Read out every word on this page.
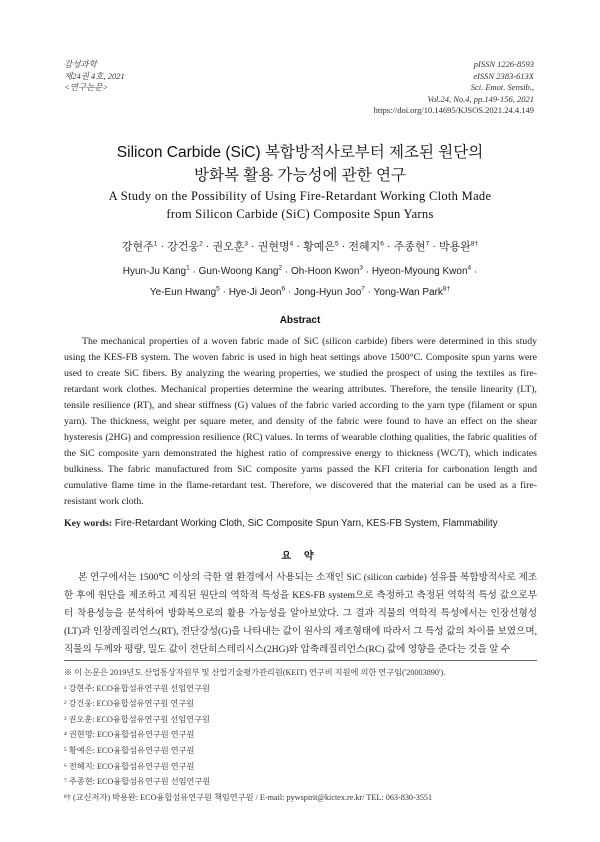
감성과학
제24권 4호, 2021
<연구논문>
pISSN 1226-8593
eISSN 2383-613X
Sci. Emot. Sensib.,
Vol.24, No.4, pp.149-156, 2021
https://doi.org/10.14695/KJSOS.2021.24.4.149
Silicon Carbide (SiC) 복합방적사로부터 제조된 원단의
방화복 활용 가능성에 관한 연구
A Study on the Possibility of Using Fire-Retardant Working Cloth Made
from Silicon Carbide (SiC) Composite Spun Yarns
강현주$^1$ · 강건웅$^2$ · 권오훈$^3$ · 권현명$^4$ · 황예은$^5$ · 전혜지$^6$ · 주종현$^7$ · 박용완$^{8\dagger}$
Hyun-Ju Kang$^1$ · Gun-Woong Kang$^2$ · Oh-Hoon Kwon$^3$ · Hyeon-Myoung Kwon$^4$ ·
Ye-Eun Hwang$^5$ · Hye-Ji Jeon$^6$ · Jong-Hyun Joo$^7$ · Yong-Wan Park$^{8\dagger}$
Abstract
The mechanical properties of a woven fabric made of SiC (silicon carbide) fibers were determined in this study using the KES-FB system. The woven fabric is used in high heat settings above 1500°C. Composite spun yarns were used to create SiC fibers. By analyzing the wearing properties, we studied the prospect of using the textiles as fire-retardant work clothes. Mechanical properties determine the wearing attributes. Therefore, the tensile linearity (LT), tensile resilience (RT), and shear stiffness (G) values of the fabric varied according to the yarn type (filament or spun yarn). The thickness, weight per square meter, and density of the fabric were found to have an effect on the shear hysteresis (2HG) and compression resilience (RC) values. In terms of wearable clothing qualities, the fabric qualities of the SiC composite yarn demonstrated the highest ratio of compressive energy to thickness (WC/T), which indicates bulkiness. The fabric manufactured from SiC composite yarns passed the KFI criteria for carbonation length and cumulative flame time in the flame-retardant test. Therefore, we discovered that the material can be used as a fire-resistant work cloth.
Key words: Fire-Retardant Working Cloth, SiC Composite Spun Yarn, KES-FB System, Flammability
요 약
본 연구에서는 1500℃ 이상의 극한 열 환경에서 사용되는 소재인 SiC (silicon carbide) 섬유를 복합방적사로 제조한 후에 원단을 제조하고 제직된 원단의 역학적 특성을 KES-FB system으로 측정하고 측정된 역학적 특성 값으로부터 착용성능을 분석하여 방화복으로의 활용 가능성을 알아보았다. 그 결과 직물의 역학적 특성에서는 인장선형성(LT)과 인장레질리언스(RT), 전단강성(G)을 나타내는 값이 원사의 제조형태에 따라서 그 특성 값의 차이를 보였으며, 직물의 두께와 평량, 밀도 값이 전단히스테리시스(2HG)와 압축레질리언스(RC) 값에 영향을 준다는 것을 알 수
※ 이 논문은 2019년도 산업통상자원부 및 산업기술평가관리원(KEIT) 연구비 지원에 의한 연구임('20003890').
¹ 강현주: ECO융합섬유연구원 선임연구원
² 강건웅: ECO융합섬유연구원 연구원
³ 권오훈: ECO융합섬유연구원 선임연구원
⁴ 권현명: ECO융합섬유연구원 연구원
⁵ 황예은: ECO융합섬유연구원 연구원
⁶ 전혜지: ECO융합섬유연구원 연구원
⁷ 주종현: ECO융합섬유연구원 선임연구원
⁸† (교신저자) 박용완: ECO융합섬유연구원 책임연구원 / E-mail: pywspirit@kictex.re.kr/ TEL: 063-830-3551
